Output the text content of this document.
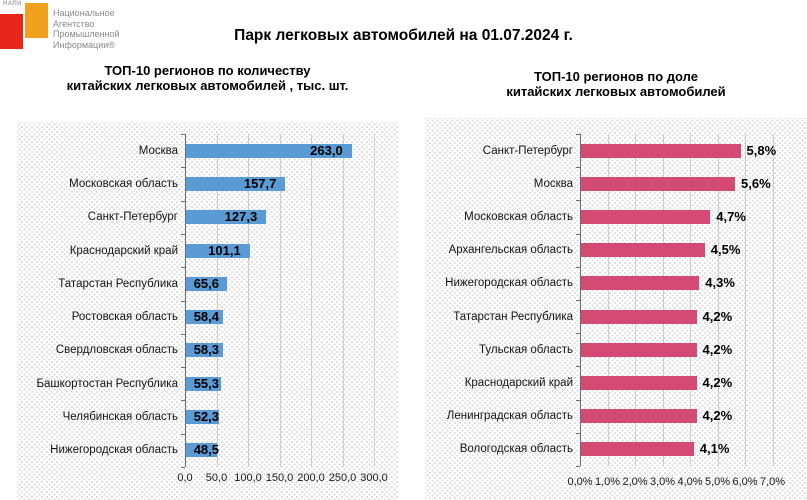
НАПИ
Национальное
Агентство
Промышленной
Информации®
Парк легковых автомобилей на 01.07.2024 г.
ТОП-10 регионов по количеству
китайских легковых автомобилей , тыс. шт.
ТОП-10 регионов по доле
китайских легковых автомобилей
0,0 50,0 100,0 150,0 200,0 250,0 300,0
Москва	263,0
Московская область	157,7
Санкт-Петербург	127,3
Краснодарский край	101,1
Татарстан Республика	65,6
Ростовская область	58,4
Свердловская область	58,3
Башкортостан Республика	55,3
Челябинская область	52,3
Нижегородская область	48,5
0,0% 1,0% 2,0% 3,0% 4,0% 5,0% 6,0% 7,0%
Санкт-Петербург	5,8%
Москва	5,6%
Московская область	4,7%
Архангельская область	4,5%
Нижегородская область	4,3%
Татарстан Республика	4,2%
Тульская область	4,2%
Краснодарский край	4,2%
Ленинградская область	4,2%
Вологодская область	4,1%
